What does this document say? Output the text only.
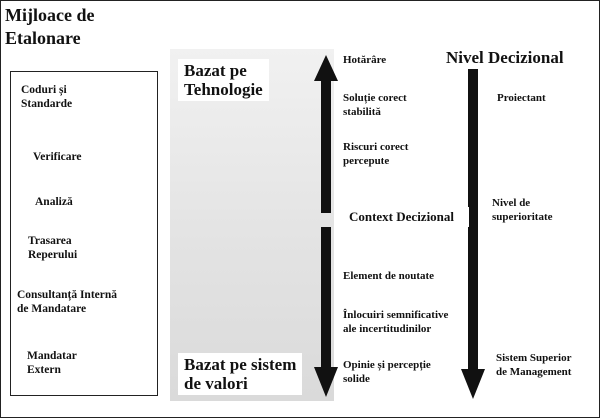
Mijloace de
Etalonare
Coduri și
Standarde
Verificare
Analiză
Trasarea
Reperului
Consultanță Internă
de Mandatare
Mandatar
Extern
Bazat pe
Tehnologie
Bazat pe sistem
de valori
Context Decizional
Hotărâre
Soluție corect
stabilită
Riscuri corect
percepute
Element de noutate
Înlocuiri semnificative
ale incertitudinilor
Opinie și percepție
solide
Nivel Decizional
Proiectant
Nivel de
superioritate
Sistem Superior
de Management
